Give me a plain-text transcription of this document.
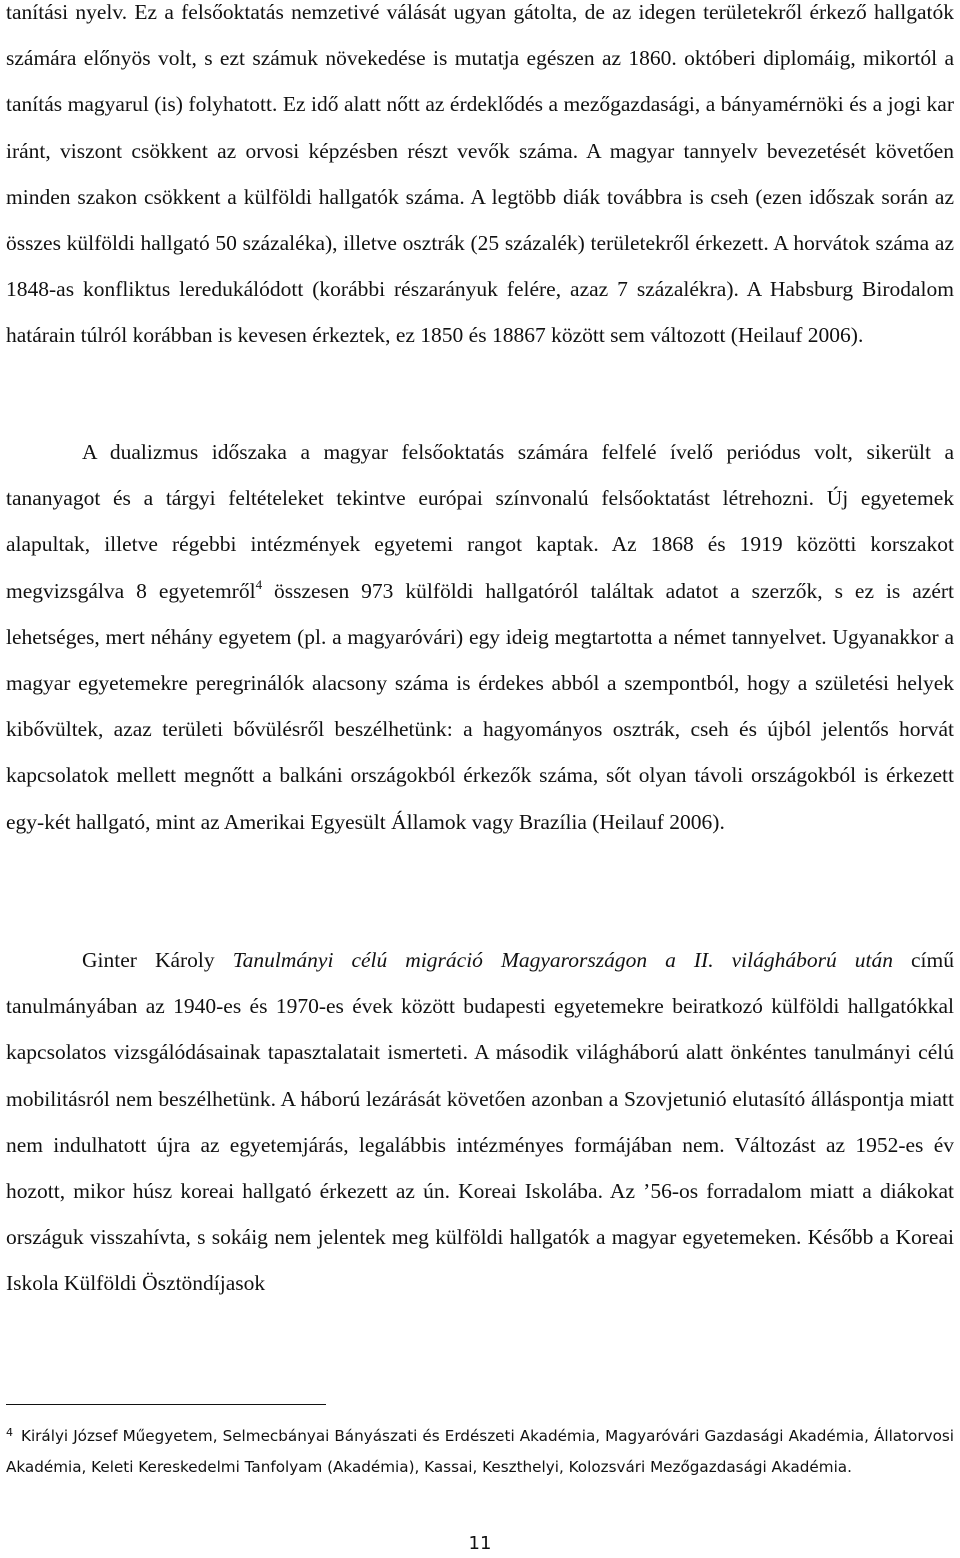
tanítási nyelv. Ez a felsőoktatás nemzetivé válását ugyan gátolta, de az idegen területekről érkező hallgatók számára előnyös volt, s ezt számuk növekedése is mutatja egészen az 1860. októberi diplomáig, mikortól a tanítás magyarul (is) folyhatott. Ez idő alatt nőtt az érdeklődés a mezőgazdasági, a bányamérnöki és a jogi kar iránt, viszont csökkent az orvosi képzésben részt vevők száma. A magyar tannyelv bevezetését követően minden szakon csökkent a külföldi hallgatók száma. A legtöbb diák továbbra is cseh (ezen időszak során az összes külföldi hallgató 50 százaléka), illetve osztrák (25 százalék) területekről érkezett. A horvátok száma az 1848-as konfliktus leredukálódott (korábbi részarányuk felére, azaz 7 százalékra). A Habsburg Birodalom határain túlról korábban is kevesen érkeztek, ez 1850 és 18867 között sem változott (Heilauf 2006).

A dualizmus időszaka a magyar felsőoktatás számára felfelé ívelő periódus volt, sikerült a tananyagot és a tárgyi feltételeket tekintve európai színvonalú felsőoktatást létrehozni. Új egyetemek alapultak, illetve régebbi intézmények egyetemi rangot kaptak. Az 1868 és 1919 közötti korszakot megvizsgálva 8 egyetemről$^4$ összesen 973 külföldi hallgatóról találtak adatot a szerzők, s ez is azért lehetséges, mert néhány egyetem (pl. a magyaróvári) egy ideig megtartotta a német tannyelvet. Ugyanakkor a magyar egyetemekre peregrinálók alacsony száma is érdekes abból a szempontból, hogy a születési helyek kibővültek, azaz területi bővülésről beszélhetünk: a hagyományos osztrák, cseh és újból jelentős horvát kapcsolatok mellett megnőtt a balkáni országokból érkezők száma, sőt olyan távoli országokból is érkezett egy-két hallgató, mint az Amerikai Egyesült Államok vagy Brazília (Heilauf 2006).

Ginter Károly Tanulmányi célú migráció Magyarországon a II. világháború után című tanulmányában az 1940-es és 1970-es évek között budapesti egyetemekre beiratkozó külföldi hallgatókkal kapcsolatos vizsgálódásainak tapasztalatait ismerteti. A második világháború alatt önkéntes tanulmányi célú mobilitásról nem beszélhetünk. A háború lezárását követően azonban a Szovjetunió elutasító álláspontja miatt nem indulhatott újra az egyetemjárás, legalábbis intézményes formájában nem. Változást az 1952-es év hozott, mikor húsz koreai hallgató érkezett az ún. Koreai Iskolába. Az ’56-os forradalom miatt a diákokat országuk visszahívta, s sokáig nem jelentek meg külföldi hallgatók a magyar egyetemeken. Később a Koreai Iskola Külföldi Ösztöndíjasok

$^4$ Királyi József Műegyetem, Selmecbányai Bányászati és Erdészeti Akadémia, Magyaróvári Gazdasági Akadémia, Állatorvosi Akadémia, Keleti Kereskedelmi Tanfolyam (Akadémia), Kassai, Keszthelyi, Kolozsvári Mezőgazdasági Akadémia.

11
